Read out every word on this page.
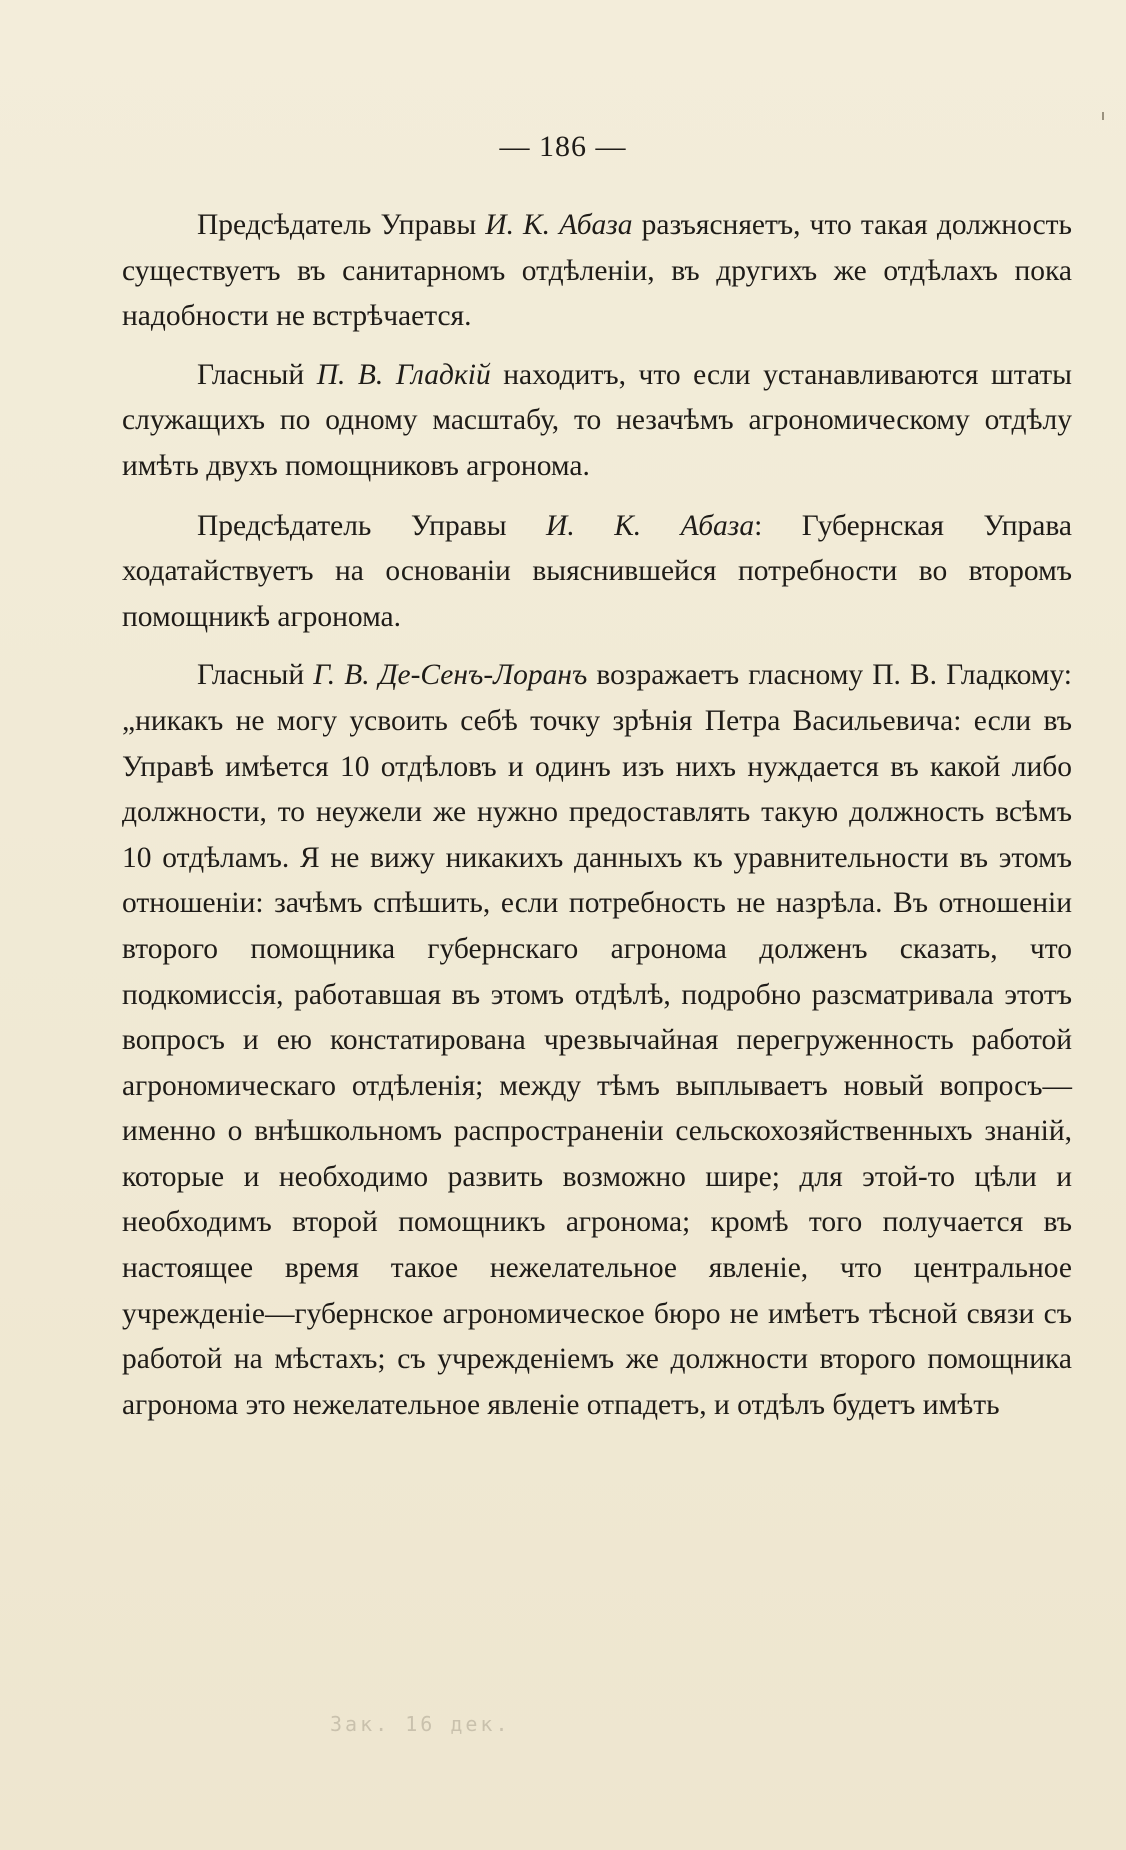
— 186 —

Предсѣдатель Управы И. К. Абаза разъясняетъ, что такая должность существуетъ въ санитарномъ отдѣленiи, въ другихъ же отдѣлахъ пока надобности не встрѣчается.

Гласный П. В. Гладкiй находитъ, что если устанавливаются штаты служащихъ по одному масштабу, то незачѣмъ агрономическому отдѣлу имѣть двухъ помощниковъ агронома.

Предсѣдатель Управы И. К. Абаза: Губернская Управа ходатайствуетъ на основанiи выяснившейся потребности во второмъ помощникѣ агронома.

Гласный Г. В. Де-Сенъ-Лоранъ возражаетъ гласному П. В. Гладкому: „никакъ не могу усвоить себѣ точку зрѣнiя Петра Васильевича: если въ Управѣ имѣется 10 отдѣловъ и одинъ изъ нихъ нуждается въ какой либо должности, то неужели же нужно предоставлять такую должность всѣмъ 10 отдѣламъ. Я не вижу никакихъ данныхъ къ уравнительности въ этомъ отношенiи: зачѣмъ спѣшить, если потребность не назрѣла. Въ отношенiи второго помощника губернскаго агронома долженъ сказать, что подкомиссiя, работавшая въ этомъ отдѣлѣ, подробно разсматривала этотъ вопросъ и ею констатирована чрезвычайная перегруженность работой агрономическаго отдѣленiя; между тѣмъ выплываетъ новый вопросъ—именно о внѣшкольномъ распространенiи сельскохозяйственныхъ знанiй, которые и необходимо развить возможно шире; для этой-то цѣли и необходимъ второй помощникъ агронома; кромѣ того получается въ настоящее время такое нежелательное явленiе, что центральное учрежденiе—губернское агрономическое бюро не имѣетъ тѣсной связи съ работой на мѣстахъ; съ учрежденiемъ же должности второго помощника агронома это нежелательное явленiе отпадетъ, и отдѣлъ будетъ имѣть

Зак. 16 дек.
